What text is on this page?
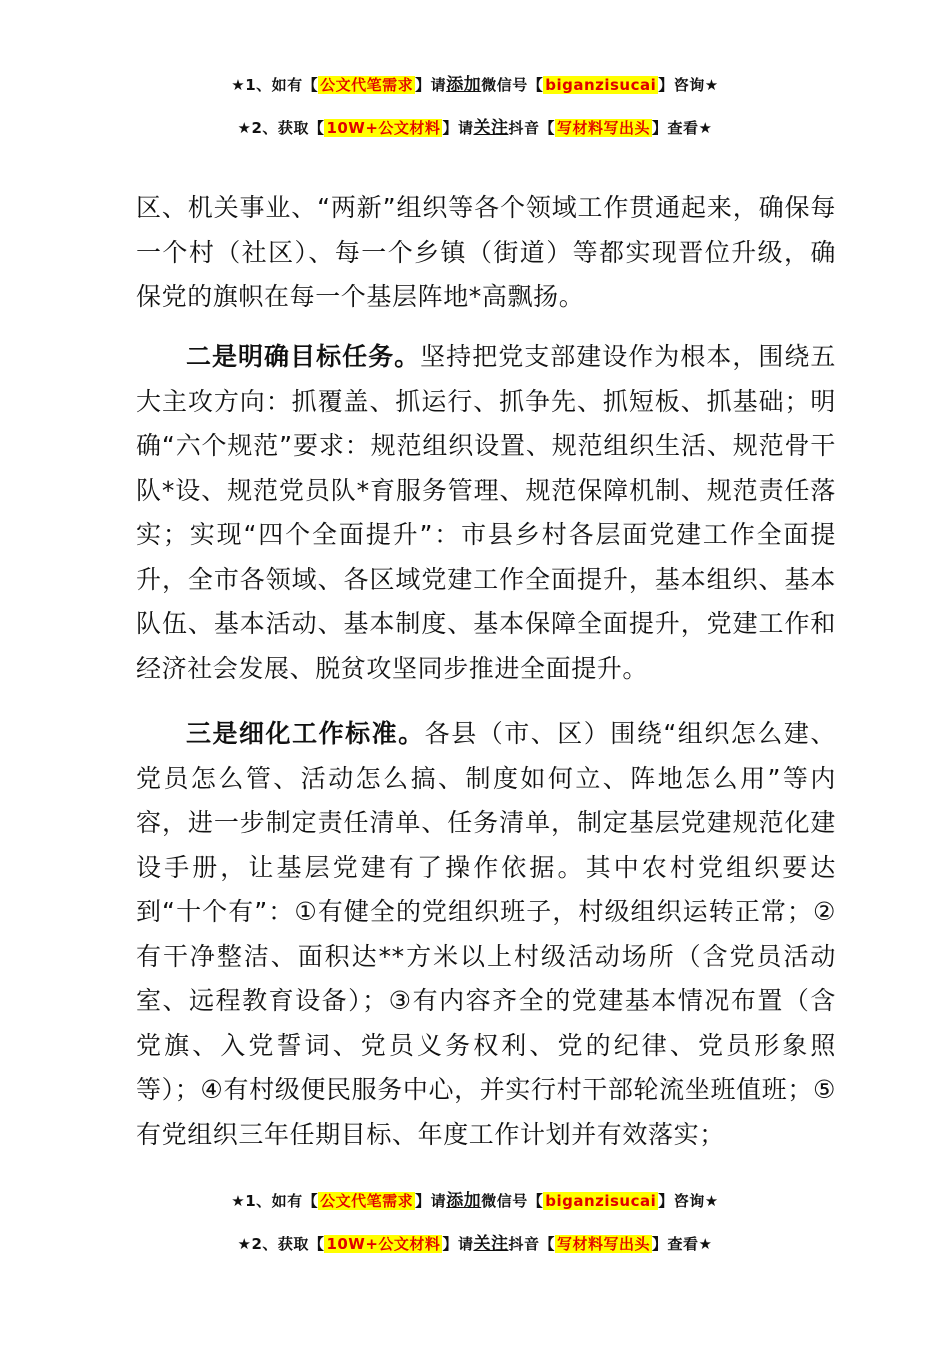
★1、如有【 公文代笔需求 】请添加微信号【 biganzisucai 】咨询★
★2、获取【 10W+公文材料 】请关注抖音【 写材料写出头 】查看★

区、机关事业、“两新”组织等各个领域工作贯通起来，确保每一个村（社区）、每一个乡镇（街道）等都实现晋位升级，确保党的旗帜在每一个基层阵地*高飘扬。

二是明确目标任务。坚持把党支部建设作为根本，围绕五大主攻方向：抓覆盖、抓运行、抓争先、抓短板、抓基础；明确“六个规范”要求：规范组织设置、规范组织生活、规范骨干队*设、规范党员队*育服务管理、规范保障机制、规范责任落实；实现“四个全面提升”：市县乡村各层面党建工作全面提升，全市各领域、各区域党建工作全面提升，基本组织、基本队伍、基本活动、基本制度、基本保障全面提升，党建工作和经济社会发展、脱贫攻坚同步推进全面提升。

三是细化工作标准。各县（市、区）围绕“组织怎么建、党员怎么管、活动怎么搞、制度如何立、阵地怎么用”等内容，进一步制定责任清单、任务清单，制定基层党建规范化建设手册，让基层党建有了操作依据。其中农村党组织要达到“十个有”：①有健全的党组织班子，村级组织运转正常；②有干净整洁、面积达**方米以上村级活动场所（含党员活动室、远程教育设备）；③有内容齐全的党建基本情况布置（含党旗、入党誓词、党员义务权利、党的纪律、党员形象照等）；④有村级便民服务中心，并实行村干部轮流坐班值班；⑤有党组织三年任期目标、年度工作计划并有效落实；

★1、如有【 公文代笔需求 】请添加微信号【 biganzisucai 】咨询★
★2、获取【 10W+公文材料 】请关注抖音【 写材料写出头 】查看★
